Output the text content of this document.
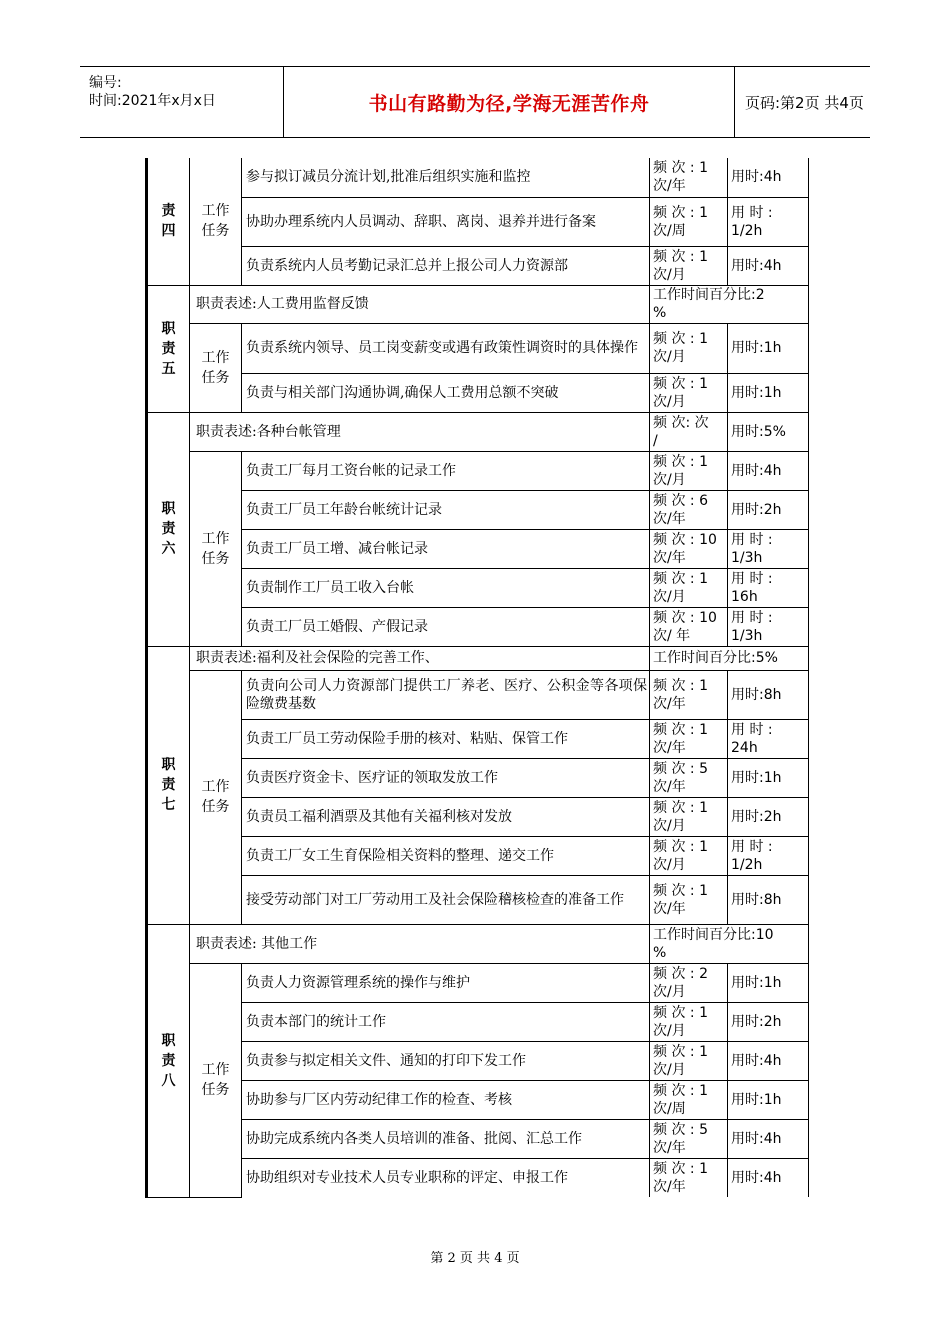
编号:
时间:2021年x月x日	书山有路勤为径,学海无涯苦作舟	页码:第2页 共4页
责
四	工作
任务	参与拟订减员分流计划,批准后组织实施和监控	频 次 : 1
次/年	用时:4h
		协助办理系统内人员调动、辞职、离岗、退养并进行备案	频 次 : 1
次/周	用 时 :
1/2h
		负责系统内人员考勤记录汇总并上报公司人力资源部	频 次 : 1
次/月	用时:4h
职
责
五	职责表述:人工费用监督反馈		工作时间百分比:2
%	
	工作
任务	负责系统内领导、员工岗变薪变或遇有政策性调资时的具体操作	频 次 : 1
次/月	用时:1h
		负责与相关部门沟通协调,确保人工费用总额不突破	频 次 : 1
次/月	用时:1h
职
责
六	职责表述:各种台帐管理		频 次: 次
/	用时:5%
	工作
任务	负责工厂每月工资台帐的记录工作	频 次 : 1
次/月	用时:4h
		负责工厂员工年龄台帐统计记录	频 次 : 6
次/年	用时:2h
		负责工厂员工增、减台帐记录	频 次 : 10
次/年	用 时 :
1/3h
		负责制作工厂员工收入台帐	频 次 : 1
次/月	用 时 :
16h
		负责工厂员工婚假、产假记录	频 次 : 10
次/ 年	用 时 :
1/3h
职
责
七	职责表述:福利及社会保险的完善工作、		工作时间百分比:5%	
	工作
任务	负责向公司人力资源部门提供工厂养老、医疗、公积金等各项保险缴费基数	频 次 : 1
次/年	用时:8h
		负责工厂员工劳动保险手册的核对、粘贴、保管工作	频 次 : 1
次/年	用 时 :
24h
		负责医疗资金卡、医疗证的领取发放工作	频 次 : 5
次/年	用时:1h
		负责员工福利酒票及其他有关福利核对发放	频 次 : 1
次/月	用时:2h
		负责工厂女工生育保险相关资料的整理、递交工作	频 次 : 1
次/月	用 时 :
1/2h
		接受劳动部门对工厂劳动用工及社会保险稽核检查的准备工作	频 次 : 1
次/年	用时:8h
职
责
八	职责表述: 其他工作		工作时间百分比:10
%	
	工作
任务	负责人力资源管理系统的操作与维护	频 次 : 2
次/月	用时:1h
		负责本部门的统计工作	频 次 : 1
次/月	用时:2h
		负责参与拟定相关文件、通知的打印下发工作	频 次 : 1
次/月	用时:4h
		协助参与厂区内劳动纪律工作的检查、考核	频 次 : 1
次/周	用时:1h
		协助完成系统内各类人员培训的准备、批阅、汇总工作	频 次 : 5
次/年	用时:4h
		协助组织对专业技术人员专业职称的评定、申报工作	频 次 : 1
次/年	用时:4h
第 2 页 共 4 页
